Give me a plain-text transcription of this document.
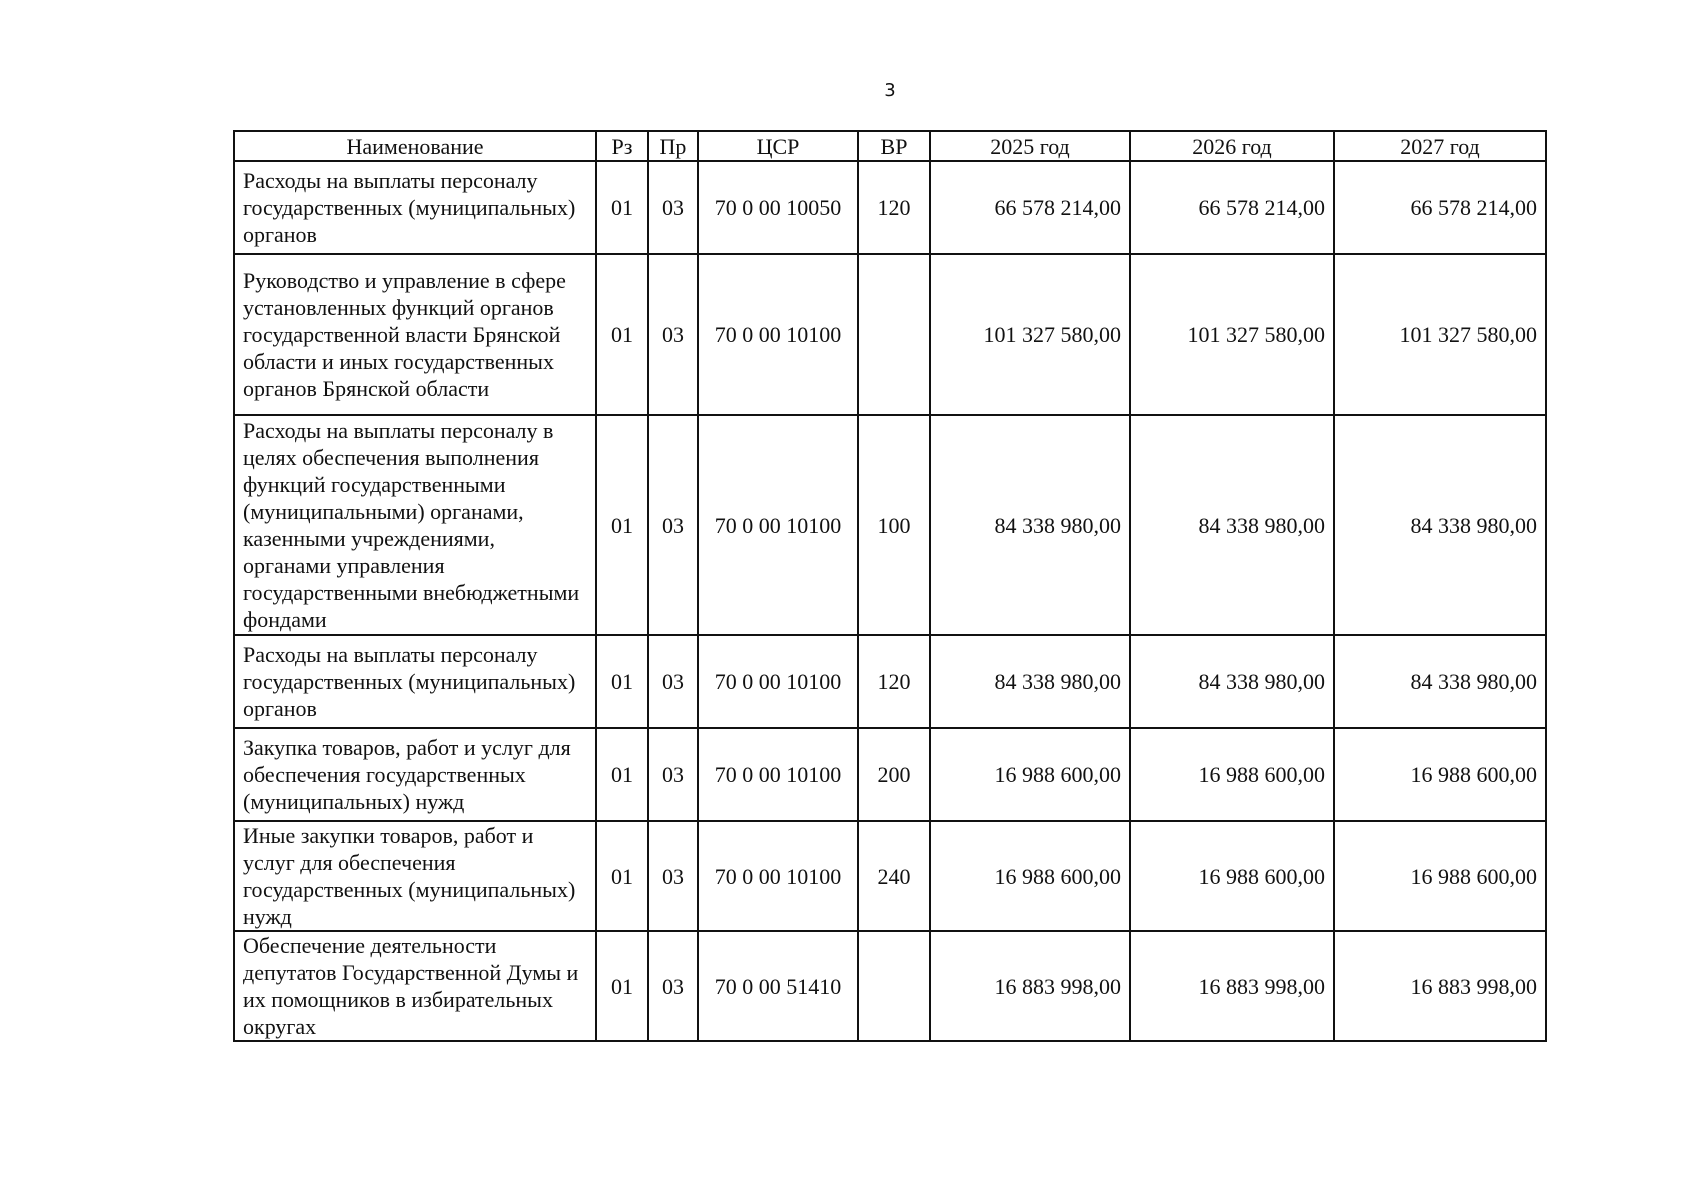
3
Наименование	Рз	Пр	ЦСР	ВР	2025 год	2026 год	2027 год
Расходы на выплаты персоналу государственных (муниципальных) органов	01	03	70 0 00 10050	120	66 578 214,00	66 578 214,00	66 578 214,00
Руководство и управление в сфере установленных функций органов государственной власти Брянской области и иных государственных органов Брянской области	01	03	70 0 00 10100		101 327 580,00	101 327 580,00	101 327 580,00
Расходы на выплаты персоналу в целях обеспечения выполнения функций государственными (муниципальными) органами, казенными учреждениями, органами управления государственными внебюджетными фондами	01	03	70 0 00 10100	100	84 338 980,00	84 338 980,00	84 338 980,00
Расходы на выплаты персоналу государственных (муниципальных) органов	01	03	70 0 00 10100	120	84 338 980,00	84 338 980,00	84 338 980,00
Закупка товаров, работ и услуг для обеспечения государственных (муниципальных) нужд	01	03	70 0 00 10100	200	16 988 600,00	16 988 600,00	16 988 600,00
Иные закупки товаров, работ и услуг для обеспечения государственных (муниципальных) нужд	01	03	70 0 00 10100	240	16 988 600,00	16 988 600,00	16 988 600,00
Обеспечение деятельности депутатов Государственной Думы и их помощников в избирательных округах	01	03	70 0 00 51410		16 883 998,00	16 883 998,00	16 883 998,00
